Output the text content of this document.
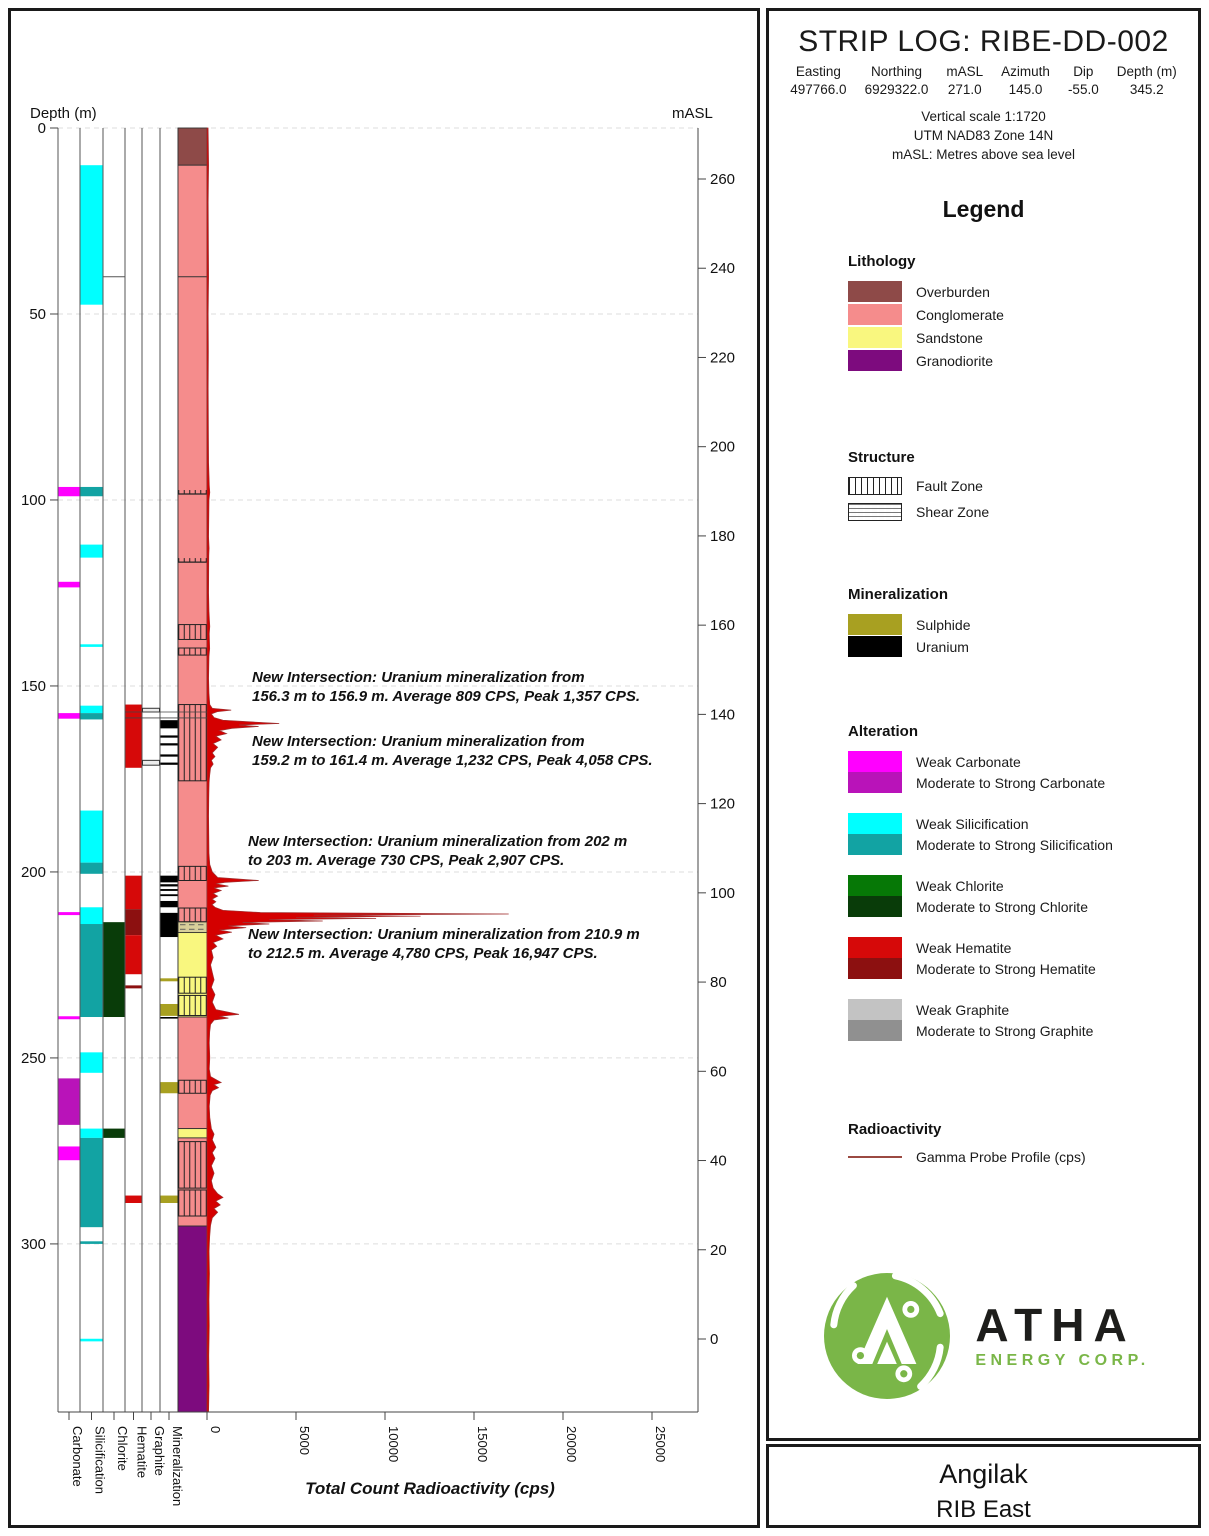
Depth (m)
0
50
100
150
200
250
300
mASL
260
240
220
200
180
160
140
120
100
80
60
40
20
0
Carbonate Silicification Chlorite Hematite Graphite Mineralization 0	5000	10000	15000	20000	25000
Total Count Radioactivity (cps)
New Intersection: Uranium mineralization from
156.3 m to 156.9 m. Average 809 CPS, Peak 1,357 CPS.
New Intersection: Uranium mineralization from
159.2 m to 161.4 m. Average 1,232 CPS, Peak 4,058 CPS.
New Intersection: Uranium mineralization from 202 m
to 203 m. Average 730 CPS, Peak 2,907 CPS.
New Intersection: Uranium mineralization from 210.9 m
to 212.5 m. Average 4,780 CPS, Peak 16,947 CPS.
STRIP LOG: RIBE-DD-002
Easting
497766.0
Northing
6929322.0
mASL
271.0
Azimuth
145.0
Dip
-55.0
Depth (m)
345.2
Vertical scale 1:1720
UTM NAD83 Zone 14N
mASL: Metres above sea level
Legend
Lithology
Overburden
Conglomerate
Sandstone
Granodiorite
Structure
Fault Zone
Shear Zone
Mineralization
Sulphide
Uranium
Alteration
Weak Carbonate
Moderate to Strong Carbonate
Weak Silicification
Moderate to Strong Silicification
Weak Chlorite
Moderate to Strong Chlorite
Weak Hematite
Moderate to Strong Hematite
Weak Graphite
Moderate to Strong Graphite
Radioactivity
Gamma Probe Profile (cps)
ATHA
ENERGY CORP.
Angilak
RIB East
